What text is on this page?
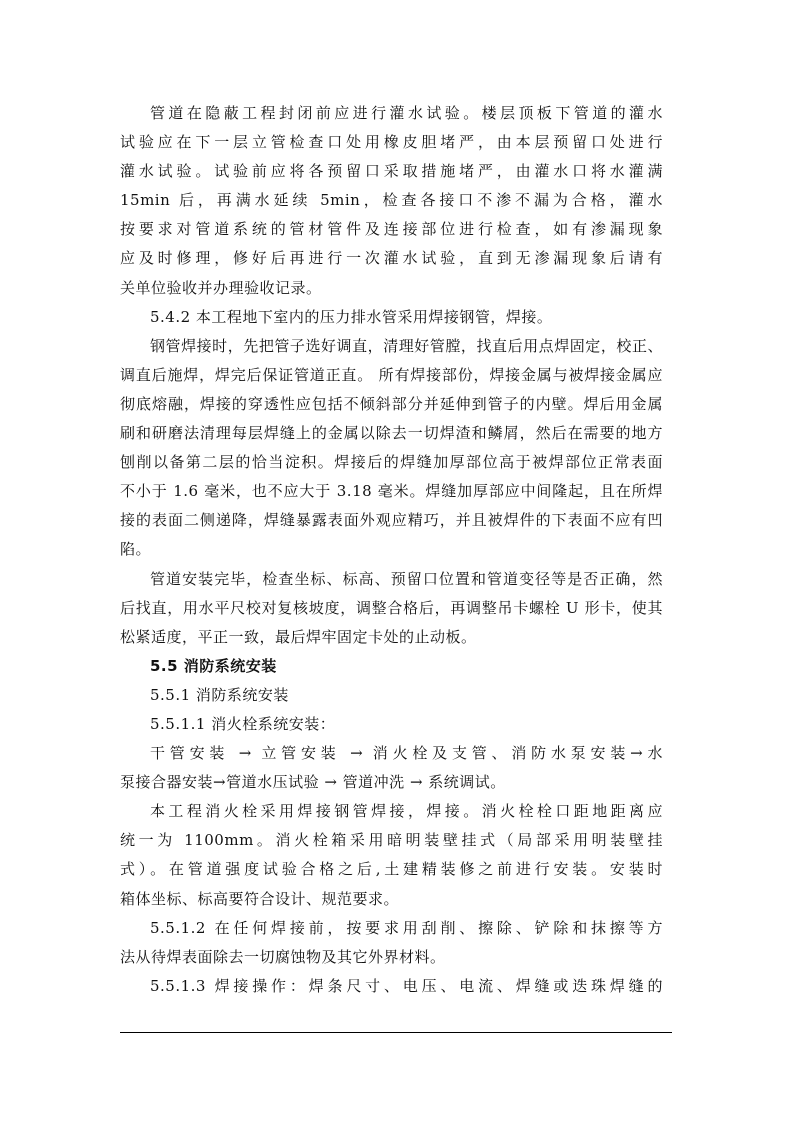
管道在隐蔽工程封闭前应进行灌水试验。楼层顶板下管道的灌水
试验应在下一层立管检查口处用橡皮胆堵严，由本层预留口处进行
灌水试验。试验前应将各预留口采取措施堵严，由灌水口将水灌满
15min 后，再满水延续 5min，检查各接口不渗不漏为合格，灌水
按要求对管道系统的管材管件及连接部位进行检查，如有渗漏现象
应及时修理，修好后再进行一次灌水试验，直到无渗漏现象后请有
关单位验收并办理验收记录。
5.4.2 本工程地下室内的压力排水管采用焊接钢管，焊接。
钢管焊接时，先把管子选好调直，清理好管膛，找直后用点焊固定，校正、
调直后施焊，焊完后保证管道正直。 所有焊接部份，焊接金属与被焊接金属应
彻底熔融，焊接的穿透性应包括不倾斜部分并延伸到管子的内壁。焊后用金属
刷和研磨法清理每层焊缝上的金属以除去一切焊渣和鳞屑，然后在需要的地方
刨削以备第二层的恰当淀积。焊接后的焊缝加厚部位高于被焊部位正常表面
不小于 1.6 毫米，也不应大于 3.18 毫米。焊缝加厚部应中间隆起，且在所焊
接的表面二侧递降，焊缝暴露表面外观应精巧，并且被焊件的下表面不应有凹
陷。
管道安装完毕，检查坐标、标高、预留口位置和管道变径等是否正确，然
后找直，用水平尺校对复核坡度，调整合格后，再调整吊卡螺栓 U 形卡，使其
松紧适度，平正一致，最后焊牢固定卡处的止动板。
5.5 消防系统安装
5.5.1 消防系统安装
5.5.1.1 消火栓系统安装：
干管安装 → 立管安装 → 消火栓及支管、消防水泵安装→水
泵接合器安装→管道水压试验 → 管道冲洗 → 系统调试。
本工程消火栓采用焊接钢管焊接，焊接。消火栓栓口距地距离应
统一为 1100mm。消火栓箱采用暗明装壁挂式（局部采用明装壁挂
式）。在管道强度试验合格之后,土建精装修之前进行安装。安装时
箱体坐标、标高要符合设计、规范要求。
5.5.1.2 在任何焊接前，按要求用刮削、擦除、铲除和抹擦等方
法从待焊表面除去一切腐蚀物及其它外界材料。
5.5.1.3 焊接操作：焊条尺寸、电压、电流、焊缝或迭珠焊缝的
